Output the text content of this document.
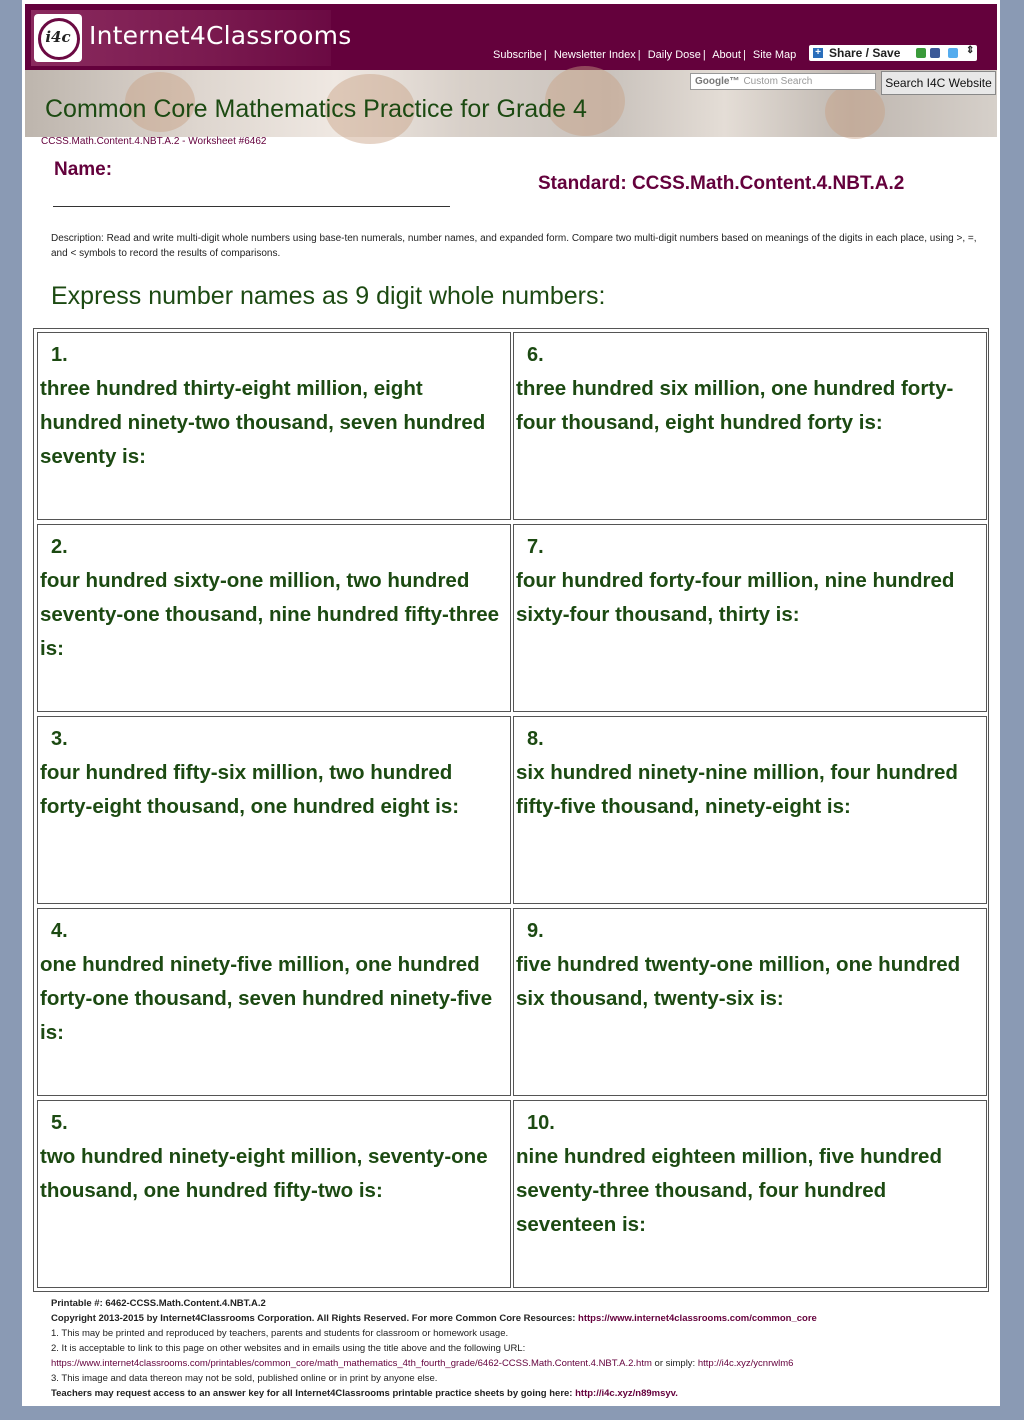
i4c Internet4Classrooms
Subscribe | Newsletter Index | Daily Dose | About | Site Map + Share / Save	⇕
Common Core Mathematics Practice for Grade 4
Google™ Custom Search	Search I4C Website
CCSS.Math.Content.4.NBT.A.2 - Worksheet #6462
Name:
Standard: CCSS.Math.Content.4.NBT.A.2
Description: Read and write multi-digit whole numbers using base-ten numerals, number names, and expanded form. Compare two multi-digit numbers based on meanings of the digits in each place, using >, =, and < symbols to record the results of comparisons.
Express number names as 9 digit whole numbers:
1.
three hundred thirty-eight million, eight hundred ninety-two thousand, seven hundred seventy is:
6.
three hundred six million, one hundred forty-four thousand, eight hundred forty is:
2.
four hundred sixty-one million, two hundred seventy-one thousand, nine hundred fifty-three is:
7.
four hundred forty-four million, nine hundred sixty-four thousand, thirty is:
3.
four hundred fifty-six million, two hundred forty-eight thousand, one hundred eight is:
8.
six hundred ninety-nine million, four hundred fifty-five thousand, ninety-eight is:
4.
one hundred ninety-five million, one hundred forty-one thousand, seven hundred ninety-five is:
9.
five hundred twenty-one million, one hundred six thousand, twenty-six is:
5.
two hundred ninety-eight million, seventy-one thousand, one hundred fifty-two is:
10.
nine hundred eighteen million, five hundred seventy-three thousand, four hundred seventeen is:
Printable #: 6462-CCSS.Math.Content.4.NBT.A.2
Copyright 2013-2015 by Internet4Classrooms Corporation. All Rights Reserved. For more Common Core Resources: https://www.internet4classrooms.com/common_core
1. This may be printed and reproduced by teachers, parents and students for classroom or homework usage.
2. It is acceptable to link to this page on other websites and in emails using the title above and the following URL:
https://www.internet4classrooms.com/printables/common_core/math_mathematics_4th_fourth_grade/6462-CCSS.Math.Content.4.NBT.A.2.htm or simply: http://i4c.xyz/ycnrwlm6
3. This image and data thereon may not be sold, published online or in print by anyone else.
Teachers may request access to an answer key for all Internet4Classrooms printable practice sheets by going here: http://i4c.xyz/n89msyv.
